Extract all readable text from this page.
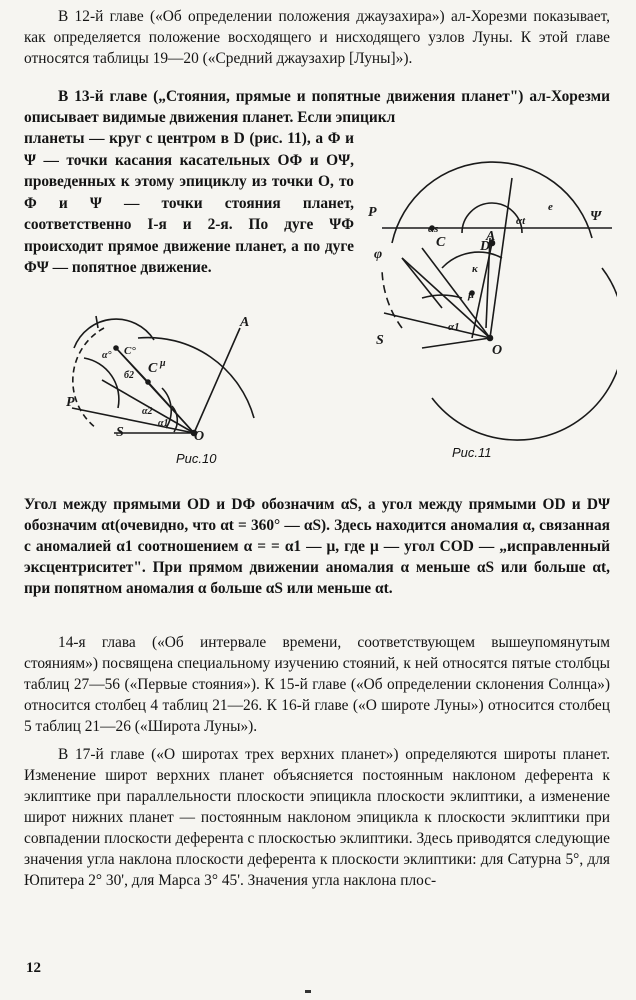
В 12-й главе («Об определении положения джаузахира») ал-Хорезми показывает, как определяется положение восходящего и нисходящего узлов Луны. К этой главе относятся таблицы 19—20 («Средний джаузахир [Луны]»).

В 13-й главе („Стояния, прямые и попятные движения планет") ал-Хорезми описывает видимые движения планет. Если эпицикл

планеты — круг с центром в D (рис. 11), а Φ и Ψ — точки касания касательных OΦ и OΨ, проведенных к этому эпициклу из точки O, то Φ и Ψ — точки стояния планет, соответственно I-я и 2-я. По дуге ΨΦ происходит прямое движение планет, а по дуге ΦΨ — попятное движение.
D
P	Ψ
φ
C	A
S
O
α1
αt
αs
e
κ
μ
Рис.11
A
C
C°
P
S	O
α1
α2
б2
μ
α°
Рис.10

Угол между прямыми OD и DΦ обозначим αS, а угол между прямыми OD и DΨ обозначим αt(очевидно, что αt = 360° — αS). Здесь находится аномалия α, связанная с аномалией α1 соотношением α = = α1 — μ, где μ — угол COD — „исправленный эксцентриситет". При прямом движении аномалия α меньше αS или больше αt, при попятном аномалия α больше αS или меньше αt.

14-я глава («Об интервале времени, соответствующем вышеупомянутым стояниям») посвящена специальному изучению стояний, к ней относятся пятые столбцы таблиц 27—56 («Первые стояния»). К 15-й главе («Об определении склонения Солнца») относится столбец 4 таблиц 21—26. К 16-й главе («О широте Луны») относится столбец 5 таблиц 21—26 («Широта Луны»).

В 17-й главе («О широтах трех верхних планет») определяются широты планет. Изменение широт верхних планет объясняется постоянным наклоном деферента к эклиптике при параллельности плоскости эпицикла плоскости эклиптики, а изменение широт нижних планет — постоянным наклоном эпицикла к плоскости эклиптики при совпадении плоскости деферента с плоскостью эклиптики. Здесь приводятся следующие значения угла наклона плоскости деферента к плоскости эклиптики: для Сатурна 5°, для Юпитера 2° 30', для Марса 3° 45'. Значения угла наклона плос-

12
